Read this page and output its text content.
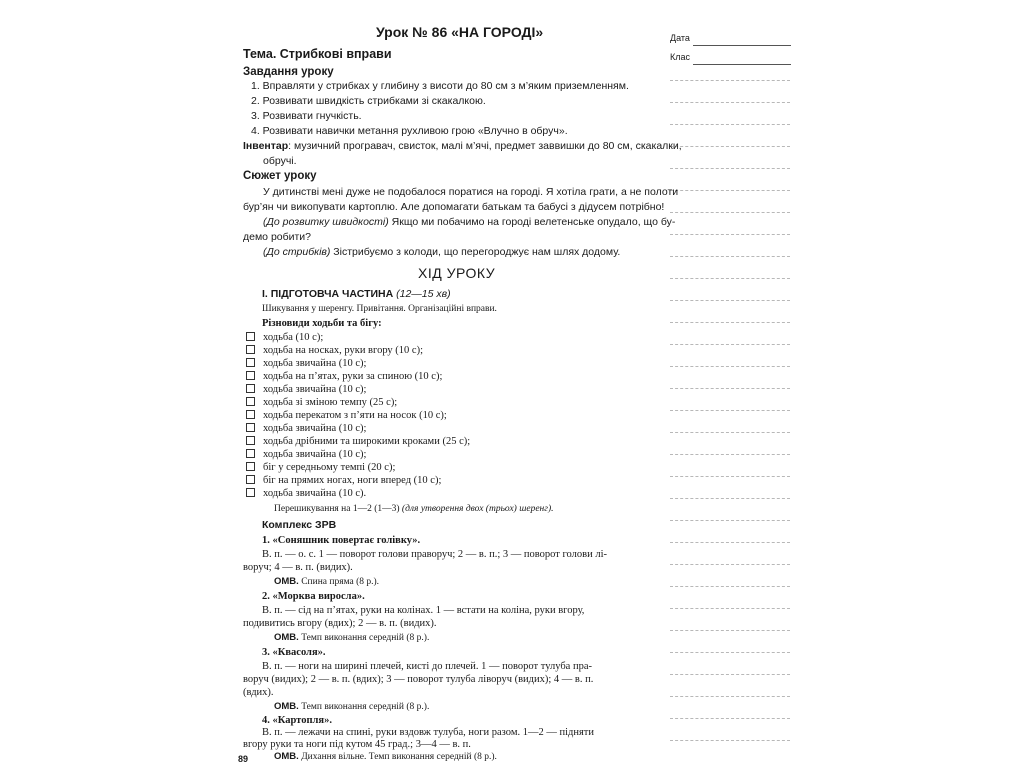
Урок № 86 «НА ГОРОДІ»	Дата
Клас
Тема. Стрибкові вправи
Завдання уроку
1. Вправляти у стрибках у глибину з висоти до 80 см з м’яким приземленням.
2. Розвивати швидкість стрибками зі скакалкою.
3. Розвивати гнучкість.
4. Розвивати навички метання рухливою грою «Влучно в обруч».
Інвентар: музичний програвач, свисток, малі м’ячі, предмет заввишки до 80 см, скакалки,
обручі.
Сюжет уроку
У дитинстві мені дуже не подобалося поратися на городі. Я хотіла грати, а не полоти
бур’ян чи викопувати картоплю. Але допомагати батькам та бабусі з дідусем потрібно!
(До розвитку швидкості) Якщо ми побачимо на городі велетенське опудало, що бу-
демо робити?
(До стрибків) Зістрибуємо з колоди, що перегороджує нам шлях додому.
ХІД УРОКУ
І. ПІДГОТОВЧА ЧАСТИНА (12—15 хв)
Шикування у шеренгу. Привітання. Організаційні вправи.
Різновиди ходьби та бігу:
ходьба (10 с);
ходьба на носках, руки вгору (10 с);
ходьба звичайна (10 с);
ходьба на п’ятах, руки за спиною (10 с);
ходьба звичайна (10 с);
ходьба зі зміною темпу (25 с);
ходьба перекатом з п’яти на носок (10 с);
ходьба звичайна (10 с);
ходьба дрібними та широкими кроками (25 с);
ходьба звичайна (10 с);
біг у середньому темпі (20 с);
біг на прямих ногах, ноги вперед (10 с);
ходьба звичайна (10 с).
Перешикування на 1—2 (1—3) (для утворення двох (трьох) шеренг).
Комплекс ЗРВ
1. «Соняшник повертає голівку».
В. п. — о. с. 1 — поворот голови праворуч; 2 — в. п.; 3 — поворот голови лі-
воруч; 4 — в. п. (видих).
ОМВ. Спина пряма (8 р.).
2. «Морква виросла».
В. п. — сід на п’ятах, руки на колінах. 1 — встати на коліна, руки вгору,
подивитись вгору (вдих); 2 — в. п. (видих).
ОМВ. Темп виконання середній (8 р.).
3. «Квасоля».
В. п. — ноги на ширині плечей, кисті до плечей. 1 — поворот тулуба пра-
воруч (видих); 2 — в. п. (вдих); 3 — поворот тулуба ліворуч (видих); 4 — в. п.
(вдих).
ОМВ. Темп виконання середній (8 р.).
4. «Картопля».
В. п. — лежачи на спині, руки вздовж тулуба, ноги разом. 1—2 — підняти
вгору руки та ноги під кутом 45 град.; 3—4 — в. п.
ОМВ. Дихання вільне. Темп виконання середній (8 р.).
89
